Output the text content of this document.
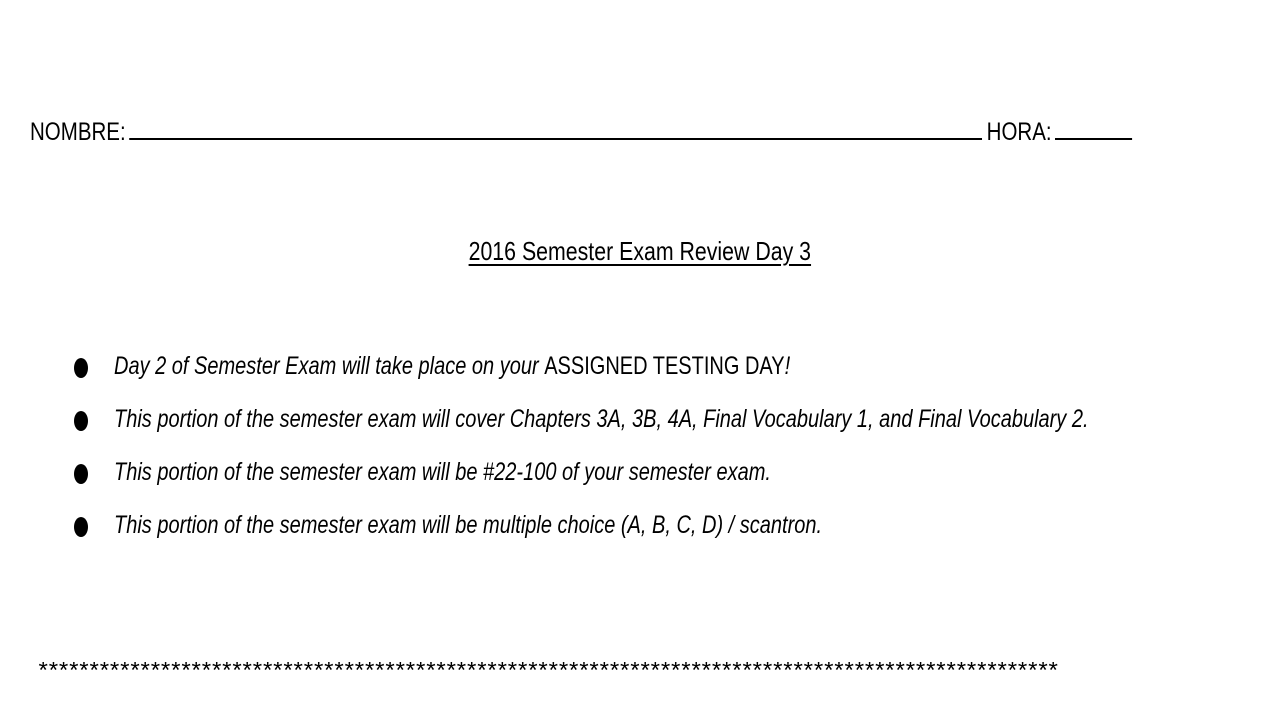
NOMBRE:	HORA:
2016 Semester Exam Review Day 3
Day 2 of Semester Exam will take place on your ASSIGNED TESTING DAY!
This portion of the semester exam will cover Chapters 3A, 3B, 4A, Final Vocabulary 1, and Final Vocabulary 2.
This portion of the semester exam will be #22-100 of your semester exam.
This portion of the semester exam will be multiple choice (A, B, C, D) / scantron.
****************************************************************************************************
